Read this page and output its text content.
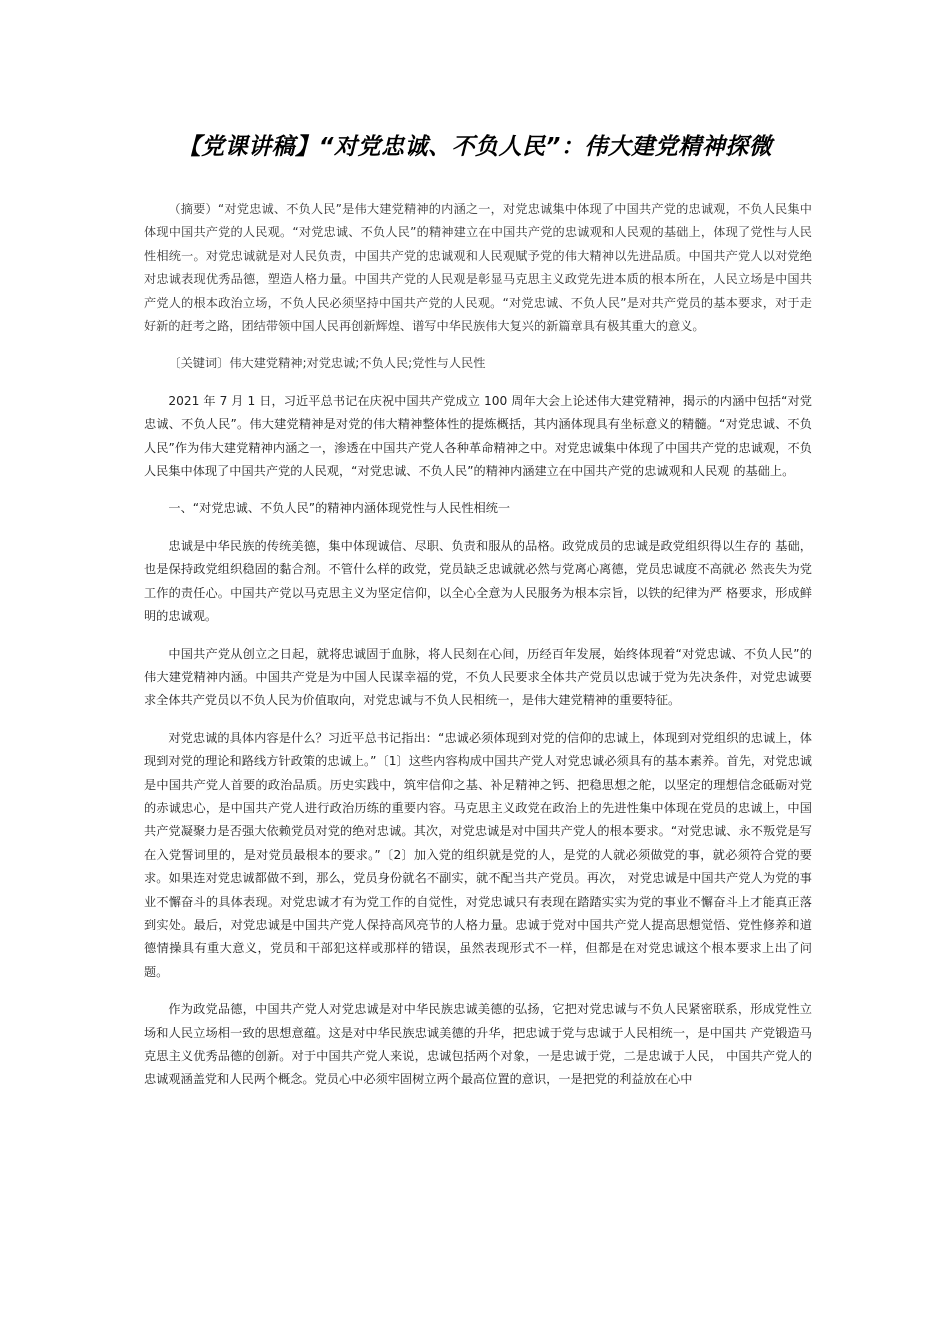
【党课讲稿】“对党忠诚、不负人民”：伟大建党精神探微

（摘要）“对党忠诚、不负人民”是伟大建党精神的内涵之一，对党忠诚集中体现了中国共产党的忠诚观，不负人民集中体现中国共产党的人民观。“对党忠诚、不负人民”的精神建立在中国共产党的忠诚观和人民观的基础上，体现了党性与人民性相统一。对党忠诚就是对人民负责，中国共产党的忠诚观和人民观赋予党的伟大精神以先进品质。中国共产党人以对党绝对忠诚表现优秀品德，塑造人格力量。中国共产党的人民观是彰显马克思主义政党先进本质的根本所在，人民立场是中国共产党人的根本政治立场，不负人民必须坚持中国共产党的人民观。“对党忠诚、不负人民”是对共产党员的基本要求，对于走好新的赶考之路，团结带领中国人民再创新辉煌、谱写中华民族伟大复兴的新篇章具有极其重大的意义。

〔关键词〕伟大建党精神;对党忠诚;不负人民;党性与人民性

2021 年 7 月 1 日，习近平总书记在庆祝中国共产党成立 100 周年大会上论述伟大建党精神，揭示的内涵中包括“对党忠诚、不负人民”。伟大建党精神是对党的伟大精神整体性的提炼概括，其内涵体现具有坐标意义的精髓。“对党忠诚、不负人民”作为伟大建党精神内涵之一，渗透在中国共产党人各种革命精神之中。对党忠诚集中体现了中国共产党的忠诚观，不负人民集中体现了中国共产党的人民观，“对党忠诚、不负人民”的精神内涵建立在中国共产党的忠诚观和人民观 的基础上。

一、“对党忠诚、不负人民”的精神内涵体现党性与人民性相统一

忠诚是中华民族的传统美德，集中体现诚信、尽职、负责和服从的品格。政党成员的忠诚是政党组织得以生存的 基础，也是保持政党组织稳固的黏合剂。不管什么样的政党，党员缺乏忠诚就必然与党离心离德，党员忠诚度不高就必 然丧失为党工作的责任心。中国共产党以马克思主义为坚定信仰，以全心全意为人民服务为根本宗旨，以铁的纪律为严 格要求，形成鲜明的忠诚观。

中国共产党从创立之日起，就将忠诚固于血脉，将人民刻在心间，历经百年发展，始终体现着“对党忠诚、不负人民”的伟大建党精神内涵。中国共产党是为中国人民谋幸福的党，不负人民要求全体共产党员以忠诚于党为先决条件，对党忠诚要求全体共产党员以不负人民为价值取向，对党忠诚与不负人民相统一，是伟大建党精神的重要特征。

对党忠诚的具体内容是什么？习近平总书记指出：“忠诚必须体现到对党的信仰的忠诚上，体现到对党组织的忠诚上，体现到对党的理论和路线方针政策的忠诚上。”〔1〕这些内容构成中国共产党人对党忠诚必须具有的基本素养。首先，对党忠诚是中国共产党人首要的政治品质。历史实践中，筑牢信仰之基、补足精神之钙、把稳思想之舵，以坚定的理想信念砥砺对党的赤诚忠心，是中国共产党人进行政治历练的重要内容。马克思主义政党在政治上的先进性集中体现在党员的忠诚上，中国共产党凝聚力是否强大依赖党员对党的绝对忠诚。其次，对党忠诚是对中国共产党人的根本要求。“对党忠诚、永不叛党是写在入党誓词里的，是对党员最根本的要求。”〔2〕加入党的组织就是党的人，是党的人就必须做党的事，就必须符合党的要求。如果连对党忠诚都做不到，那么，党员身份就名不副实，就不配当共产党员。再次， 对党忠诚是中国共产党人为党的事业不懈奋斗的具体表现。对党忠诚才有为党工作的自觉性，对党忠诚只有表现在踏踏实实为党的事业不懈奋斗上才能真正落到实处。最后，对党忠诚是中国共产党人保持高风亮节的人格力量。忠诚于党对中国共产党人提高思想觉悟、党性修养和道德情操具有重大意义，党员和干部犯这样或那样的错误，虽然表现形式不一样，但都是在对党忠诚这个根本要求上出了问题。

作为政党品德，中国共产党人对党忠诚是对中华民族忠诚美德的弘扬，它把对党忠诚与不负人民紧密联系，形成党性立场和人民立场相一致的思想意蕴。这是对中华民族忠诚美德的升华，把忠诚于党与忠诚于人民相统一，是中国共 产党锻造马克思主义优秀品德的创新。对于中国共产党人来说，忠诚包括两个对象，一是忠诚于党，二是忠诚于人民， 中国共产党人的忠诚观涵盖党和人民两个概念。党员心中必须牢固树立两个最高位置的意识，一是把党的利益放在心中
